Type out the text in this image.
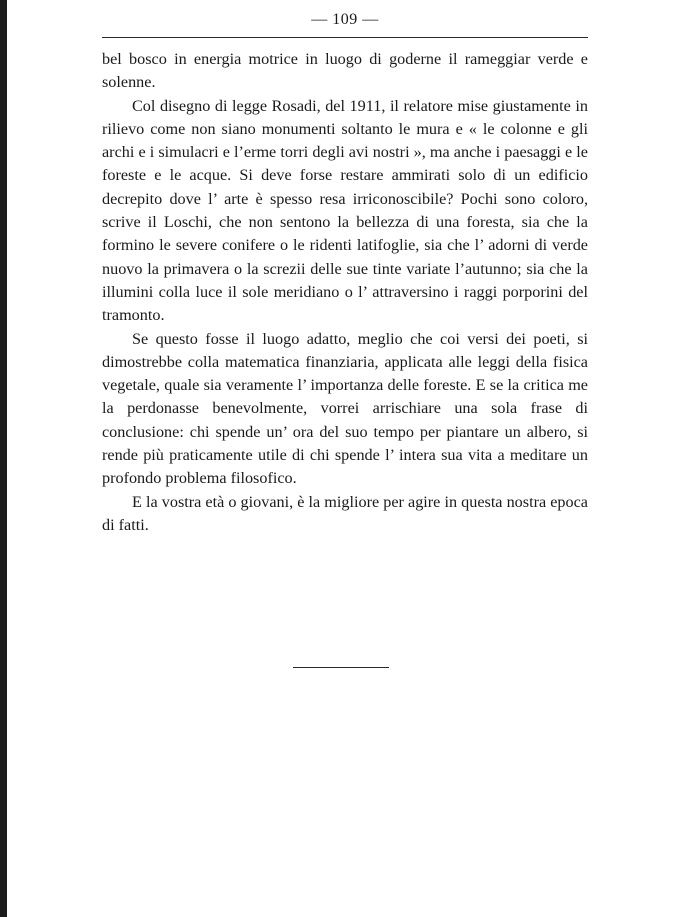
— 109 —

bel bosco in energia motrice in luogo di goderne il rameggiar verde e solenne.

Col disegno di legge Rosadi, del 1911, il relatore mise giustamente in rilievo come non siano monumenti soltanto le mura e « le colonne e gli archi e i simulacri e l’erme torri degli avi nostri », ma anche i paesaggi e le foreste e le acque. Si deve forse restare ammirati solo di un edificio decrepito dove l’ arte è spesso resa irriconoscibile? Pochi sono coloro, scrive il Loschi, che non sentono la bellezza di una foresta, sia che la formino le severe conifere o le ridenti latifoglie, sia che l’ adorni di verde nuovo la primavera o la screzii delle sue tinte variate l’autunno; sia che la illumini colla luce il sole meridiano o l’ attraversino i raggi porporini del tramonto.

Se questo fosse il luogo adatto, meglio che coi versi dei poeti, si dimostrebbe colla matematica finanziaria, applicata alle leggi della fisica vegetale, quale sia veramente l’ importanza delle foreste. E se la critica me la perdonasse benevolmente, vorrei arrischiare una sola frase di conclusione: chi spende un’ ora del suo tempo per piantare un albero, si rende più praticamente utile di chi spende l’ intera sua vita a meditare un profondo problema filosofico.

E la vostra età o giovani, è la migliore per agire in questa nostra epoca di fatti.
